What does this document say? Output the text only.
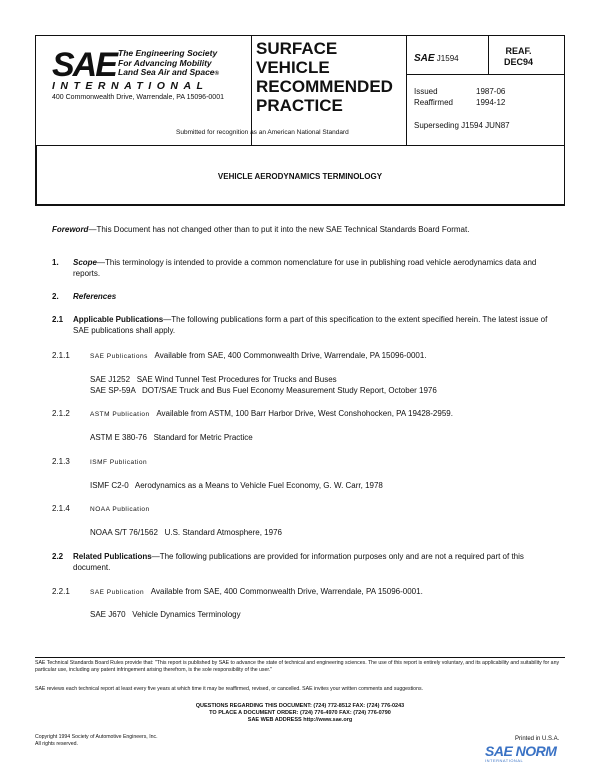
SAE The Engineering Society
For Advancing Mobility
Land Sea Air and Space®
INTERNATIONAL
400 Commonwealth Drive, Warrendale, PA 15096-0001
SURFACE
VEHICLE
RECOMMENDED
PRACTICE
Submitted for recognition as an American National Standard
SAE J1594
REAF.
DEC94
Issued	1987-06
Reaffirmed	1994-12
Superseding J1594 JUN87
VEHICLE AERODYNAMICS TERMINOLOGY
Foreword—This Document has not changed other than to put it into the new SAE Technical Standards Board Format.
1. Scope—This terminology is intended to provide a common nomenclature for use in publishing road vehicle aerodynamics data and reports.
2. References
2.1 Applicable Publications—The following publications form a part of this specification to the extent specified herein. The latest issue of SAE publications shall apply.
2.1.1	SAE Publications Available from SAE, 400 Commonwealth Drive, Warrendale, PA 15096-0001.
SAE J1252   SAE Wind Tunnel Test Procedures for Trucks and Buses
SAE SP-59A   DOT/SAE Truck and Bus Fuel Economy Measurement Study Report, October 1976
2.1.2	ASTM Publication Available from ASTM, 100 Barr Harbor Drive, West Conshohocken, PA 19428-2959.
ASTM E 380-76   Standard for Metric Practice
2.1.3	ISMF Publication
ISMF C2-0   Aerodynamics as a Means to Vehicle Fuel Economy, G. W. Carr, 1978
2.1.4	NOAA Publication
NOAA S/T 76/1562   U.S. Standard Atmosphere, 1976
2.2 Related Publications—The following publications are provided for information purposes only and are not a required part of this document.
2.2.1	SAE Publication Available from SAE, 400 Commonwealth Drive, Warrendale, PA 15096-0001.
SAE J670   Vehicle Dynamics Terminology
SAE Technical Standards Board Rules provide that: "This report is published by SAE to advance the state of technical and engineering sciences. The use of this report is entirely voluntary, and its applicability and suitability for any particular use, including any patent infringement arising therefrom, is the sole responsibility of the user."
SAE reviews each technical report at least every five years at which time it may be reaffirmed, revised, or cancelled. SAE invites your written comments and suggestions.
QUESTIONS REGARDING THIS DOCUMENT: (724) 772-8512 FAX: (724) 776-0243
TO PLACE A DOCUMENT ORDER: (724) 776-4970 FAX: (724) 776-0790
SAE WEB ADDRESS http://www.sae.org
Copyright 1994 Society of Automotive Engineers, Inc.
All rights reserved.
Printed in U.S.A.
SAE NORM
INTERNATIONAL
